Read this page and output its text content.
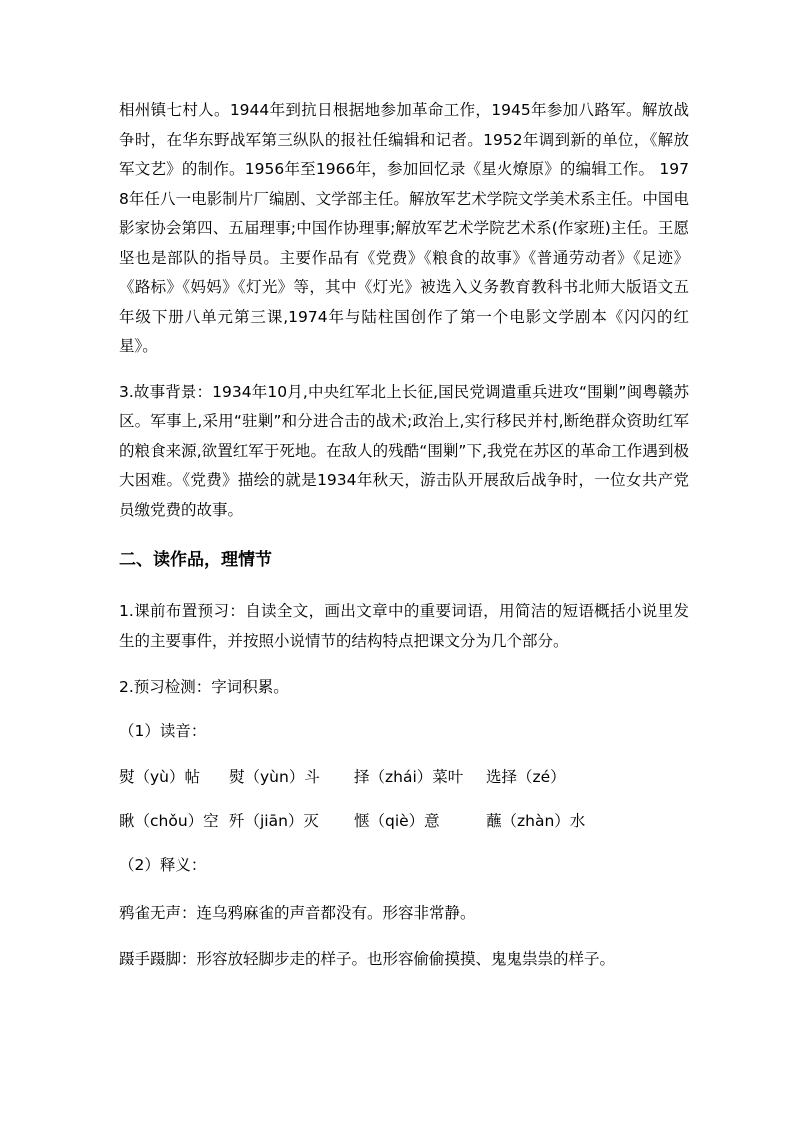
相州镇七村人。1944年到抗日根据地参加革命工作，1945年参加八路军。解放战争时，在华东野战军第三纵队的报社任编辑和记者。1952年调到新的单位，《解放军文艺》的制作。1956年至1966年，参加回忆录《星火燎原》的编辑工作。 1978年任八一电影制片厂编剧、文学部主任。解放军艺术学院文学美术系主任。中国电影家协会第四、五届理事;中国作协理事;解放军艺术学院艺术系(作家班)主任。王愿坚也是部队的指导员。主要作品有《党费》《粮食的故事》《普通劳动者》《足迹》《路标》《妈妈》《灯光》等，其中《灯光》被选入义务教育教科书北师大版语文五年级下册八单元第三课,1974年与陆柱国创作了第一个电影文学剧本《闪闪的红星》。

3.故事背景：1934年10月,中央红军北上长征,国民党调遣重兵进攻“围剿”闽粤赣苏区。军事上,采用“驻剿”和分进合击的战术;政治上,实行移民并村,断绝群众资助红军的粮食来源,欲置红军于死地。在敌人的残酷“围剿”下,我党在苏区的革命工作遇到极大困难。《党费》描绘的就是1934年秋天，游击队开展敌后战争时，一位女共产党员缴党费的故事。

二、读作品，理情节

1.课前布置预习：自读全文，画出文章中的重要词语，用简洁的短语概括小说里发生的主要事件，并按照小说情节的结构特点把课文分为几个部分。

2.预习检测：字词积累。

（1）读音：

熨（yù）帖	熨（yùn）斗	择（zhái）菜叶	选择（zé）
瞅（chǒu）空 歼（jiān）灭	惬（qiè）意	蘸（zhàn）水

（2）释义：

鸦雀无声：连乌鸦麻雀的声音都没有。形容非常静。

蹑手蹑脚：形容放轻脚步走的样子。也形容偷偷摸摸、鬼鬼祟祟的样子。
